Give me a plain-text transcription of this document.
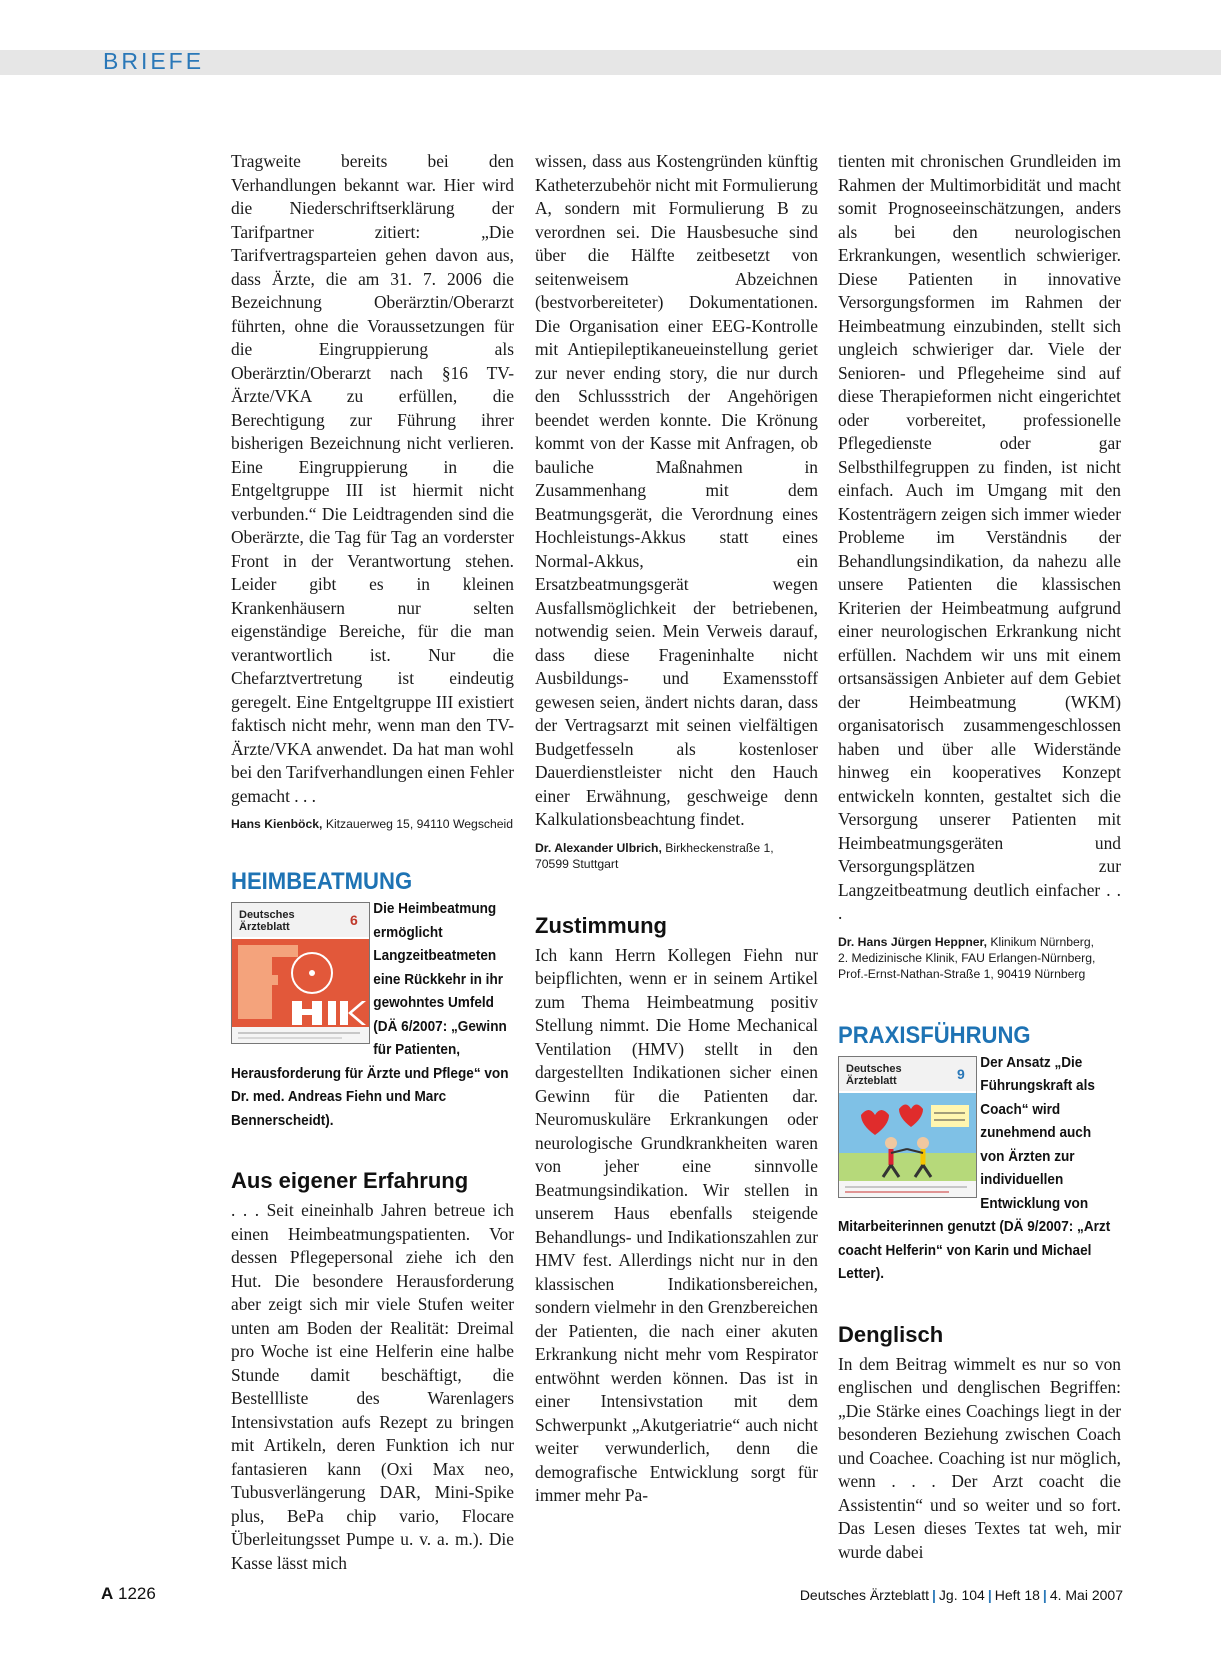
BRIEFE

Tragweite bereits bei den Verhandlungen bekannt war. Hier wird die Niederschriftserklärung der Tarifpartner zitiert: „Die Tarifvertragsparteien gehen davon aus, dass Ärzte, die am 31. 7. 2006 die Bezeichnung Oberärztin/Oberarzt führten, ohne die Voraussetzungen für die Eingruppierung als Oberärztin/Oberarzt nach §16 TV-Ärzte/VKA zu erfüllen, die Berechtigung zur Führung ihrer bisherigen Bezeichnung nicht verlieren. Eine Eingruppierung in die Entgeltgruppe III ist hiermit nicht verbunden.“ Die Leidtragenden sind die Oberärzte, die Tag für Tag an vorderster Front in der Verantwortung stehen. Leider gibt es in kleinen Krankenhäusern nur selten eigenständige Bereiche, für die man verantwortlich ist. Nur die Chefarztvertretung ist eindeutig geregelt. Eine Entgeltgruppe III existiert faktisch nicht mehr, wenn man den TV-Ärzte/VKA anwendet. Da hat man wohl bei den Tarifverhandlungen einen Fehler gemacht . . .

Hans Kienböck, Kitzauerweg 15, 94110 Wegscheid
HEIMBEATMUNG
Deutsches
Ärzteblatt	6
Die Heimbeatmung ermöglicht Langzeitbeatmeten eine Rückkehr in ihr gewohntes Umfeld (DÄ 6/2007: „Gewinn für Patienten, Herausforderung für Ärzte und Pflege“ von Dr. med. Andreas Fiehn und Marc Bennerscheidt).
Aus eigener Erfahrung

. . . Seit eineinhalb Jahren betreue ich einen Heimbeatmungspatienten. Vor dessen Pflegepersonal ziehe ich den Hut. Die besondere Herausforderung aber zeigt sich mir viele Stufen weiter unten am Boden der Realität: Dreimal pro Woche ist eine Helferin eine halbe Stunde damit beschäftigt, die Bestellliste des Warenlagers Intensivstation aufs Rezept zu bringen mit Artikeln, deren Funktion ich nur fantasieren kann (Oxi Max neo, Tubusverlängerung DAR, Mini-Spike plus, BePa chip vario, Flocare Überleitungsset Pumpe u. v. a. m.). Die Kasse lässt mich

wissen, dass aus Kostengründen künftig Katheterzubehör nicht mit Formulierung A, sondern mit Formulierung B zu verordnen sei. Die Hausbesuche sind über die Hälfte zeitbesetzt von seitenweisem Abzeichnen (bestvorbereiteter) Dokumentationen. Die Organisation einer EEG-Kontrolle mit Antiepileptikaneueinstellung geriet zur never ending story, die nur durch den Schlussstrich der Angehörigen beendet werden konnte. Die Krönung kommt von der Kasse mit Anfragen, ob bauliche Maßnahmen in Zusammenhang mit dem Beatmungsgerät, die Verordnung eines Hochleistungs-Akkus statt eines Normal-Akkus, ein Ersatzbeatmungsgerät wegen Ausfallsmöglichkeit der betriebenen, notwendig seien. Mein Verweis darauf, dass diese Frageninhalte nicht Ausbildungs- und Examensstoff gewesen seien, ändert nichts daran, dass der Vertragsarzt mit seinen vielfältigen Budgetfesseln als kostenloser Dauerdienstleister nicht den Hauch einer Erwähnung, geschweige denn Kalkulationsbeachtung findet.

Dr. Alexander Ulbrich, Birkheckenstraße 1,
70599 Stuttgart
Zustimmung

Ich kann Herrn Kollegen Fiehn nur beipflichten, wenn er in seinem Artikel zum Thema Heimbeatmung positiv Stellung nimmt. Die Home Mechanical Ventilation (HMV) stellt in den dargestellten Indikationen sicher einen Gewinn für die Patienten dar. Neuromuskuläre Erkrankungen oder neurologische Grundkrankheiten waren von jeher eine sinnvolle Beatmungsindikation. Wir stellen in unserem Haus ebenfalls steigende Behandlungs- und Indikationszahlen zur HMV fest. Allerdings nicht nur in den klassischen Indikationsbereichen, sondern vielmehr in den Grenzbereichen der Patienten, die nach einer akuten Erkrankung nicht mehr vom Respirator entwöhnt werden können. Das ist in einer Intensivstation mit dem Schwerpunkt „Akutgeriatrie“ auch nicht weiter verwunderlich, denn die demografische Entwicklung sorgt für immer mehr Pa-

tienten mit chronischen Grundleiden im Rahmen der Multimorbidität und macht somit Prognoseeinschätzungen, anders als bei den neurologischen Erkrankungen, wesentlich schwieriger. Diese Patienten in innovative Versorgungsformen im Rahmen der Heimbeatmung einzubinden, stellt sich ungleich schwieriger dar. Viele der Senioren- und Pflegeheime sind auf diese Therapieformen nicht eingerichtet oder vorbereitet, professionelle Pflegedienste oder gar Selbsthilfegruppen zu finden, ist nicht einfach. Auch im Umgang mit den Kostenträgern zeigen sich immer wieder Probleme im Verständnis der Behandlungsindikation, da nahezu alle unsere Patienten die klassischen Kriterien der Heimbeatmung aufgrund einer neurologischen Erkrankung nicht erfüllen. Nachdem wir uns mit einem ortsansässigen Anbieter auf dem Gebiet der Heimbeatmung (WKM) organisatorisch zusammengeschlossen haben und über alle Widerstände hinweg ein kooperatives Konzept entwickeln konnten, gestaltet sich die Versorgung unserer Patienten mit Heimbeatmungsgeräten und Versorgungsplätzen zur Langzeitbeatmung deutlich einfacher . . .

Dr. Hans Jürgen Heppner, Klinikum Nürnberg,
2. Medizinische Klinik, FAU Erlangen-Nürnberg,
Prof.-Ernst-Nathan-Straße 1, 90419 Nürnberg
PRAXISFÜHRUNG
Deutsches
Ärzteblatt	9
Der Ansatz „Die Führungskraft als Coach“ wird zunehmend auch von Ärzten zur individuellen Entwicklung von Mitarbeiterinnen genutzt (DÄ 9/2007: „Arzt coacht Helferin“ von Karin und Michael Letter).
Denglisch

In dem Beitrag wimmelt es nur so von englischen und denglischen Begriffen: „Die Stärke eines Coachings liegt in der besonderen Beziehung zwischen Coach und Coachee. Coaching ist nur möglich, wenn . . . Der Arzt coacht die Assistentin“ und so weiter und so fort. Das Lesen dieses Textes tat weh, mir wurde dabei

A 1226	Deutsches Ärzteblatt | Jg. 104 | Heft 18 | 4. Mai 2007
